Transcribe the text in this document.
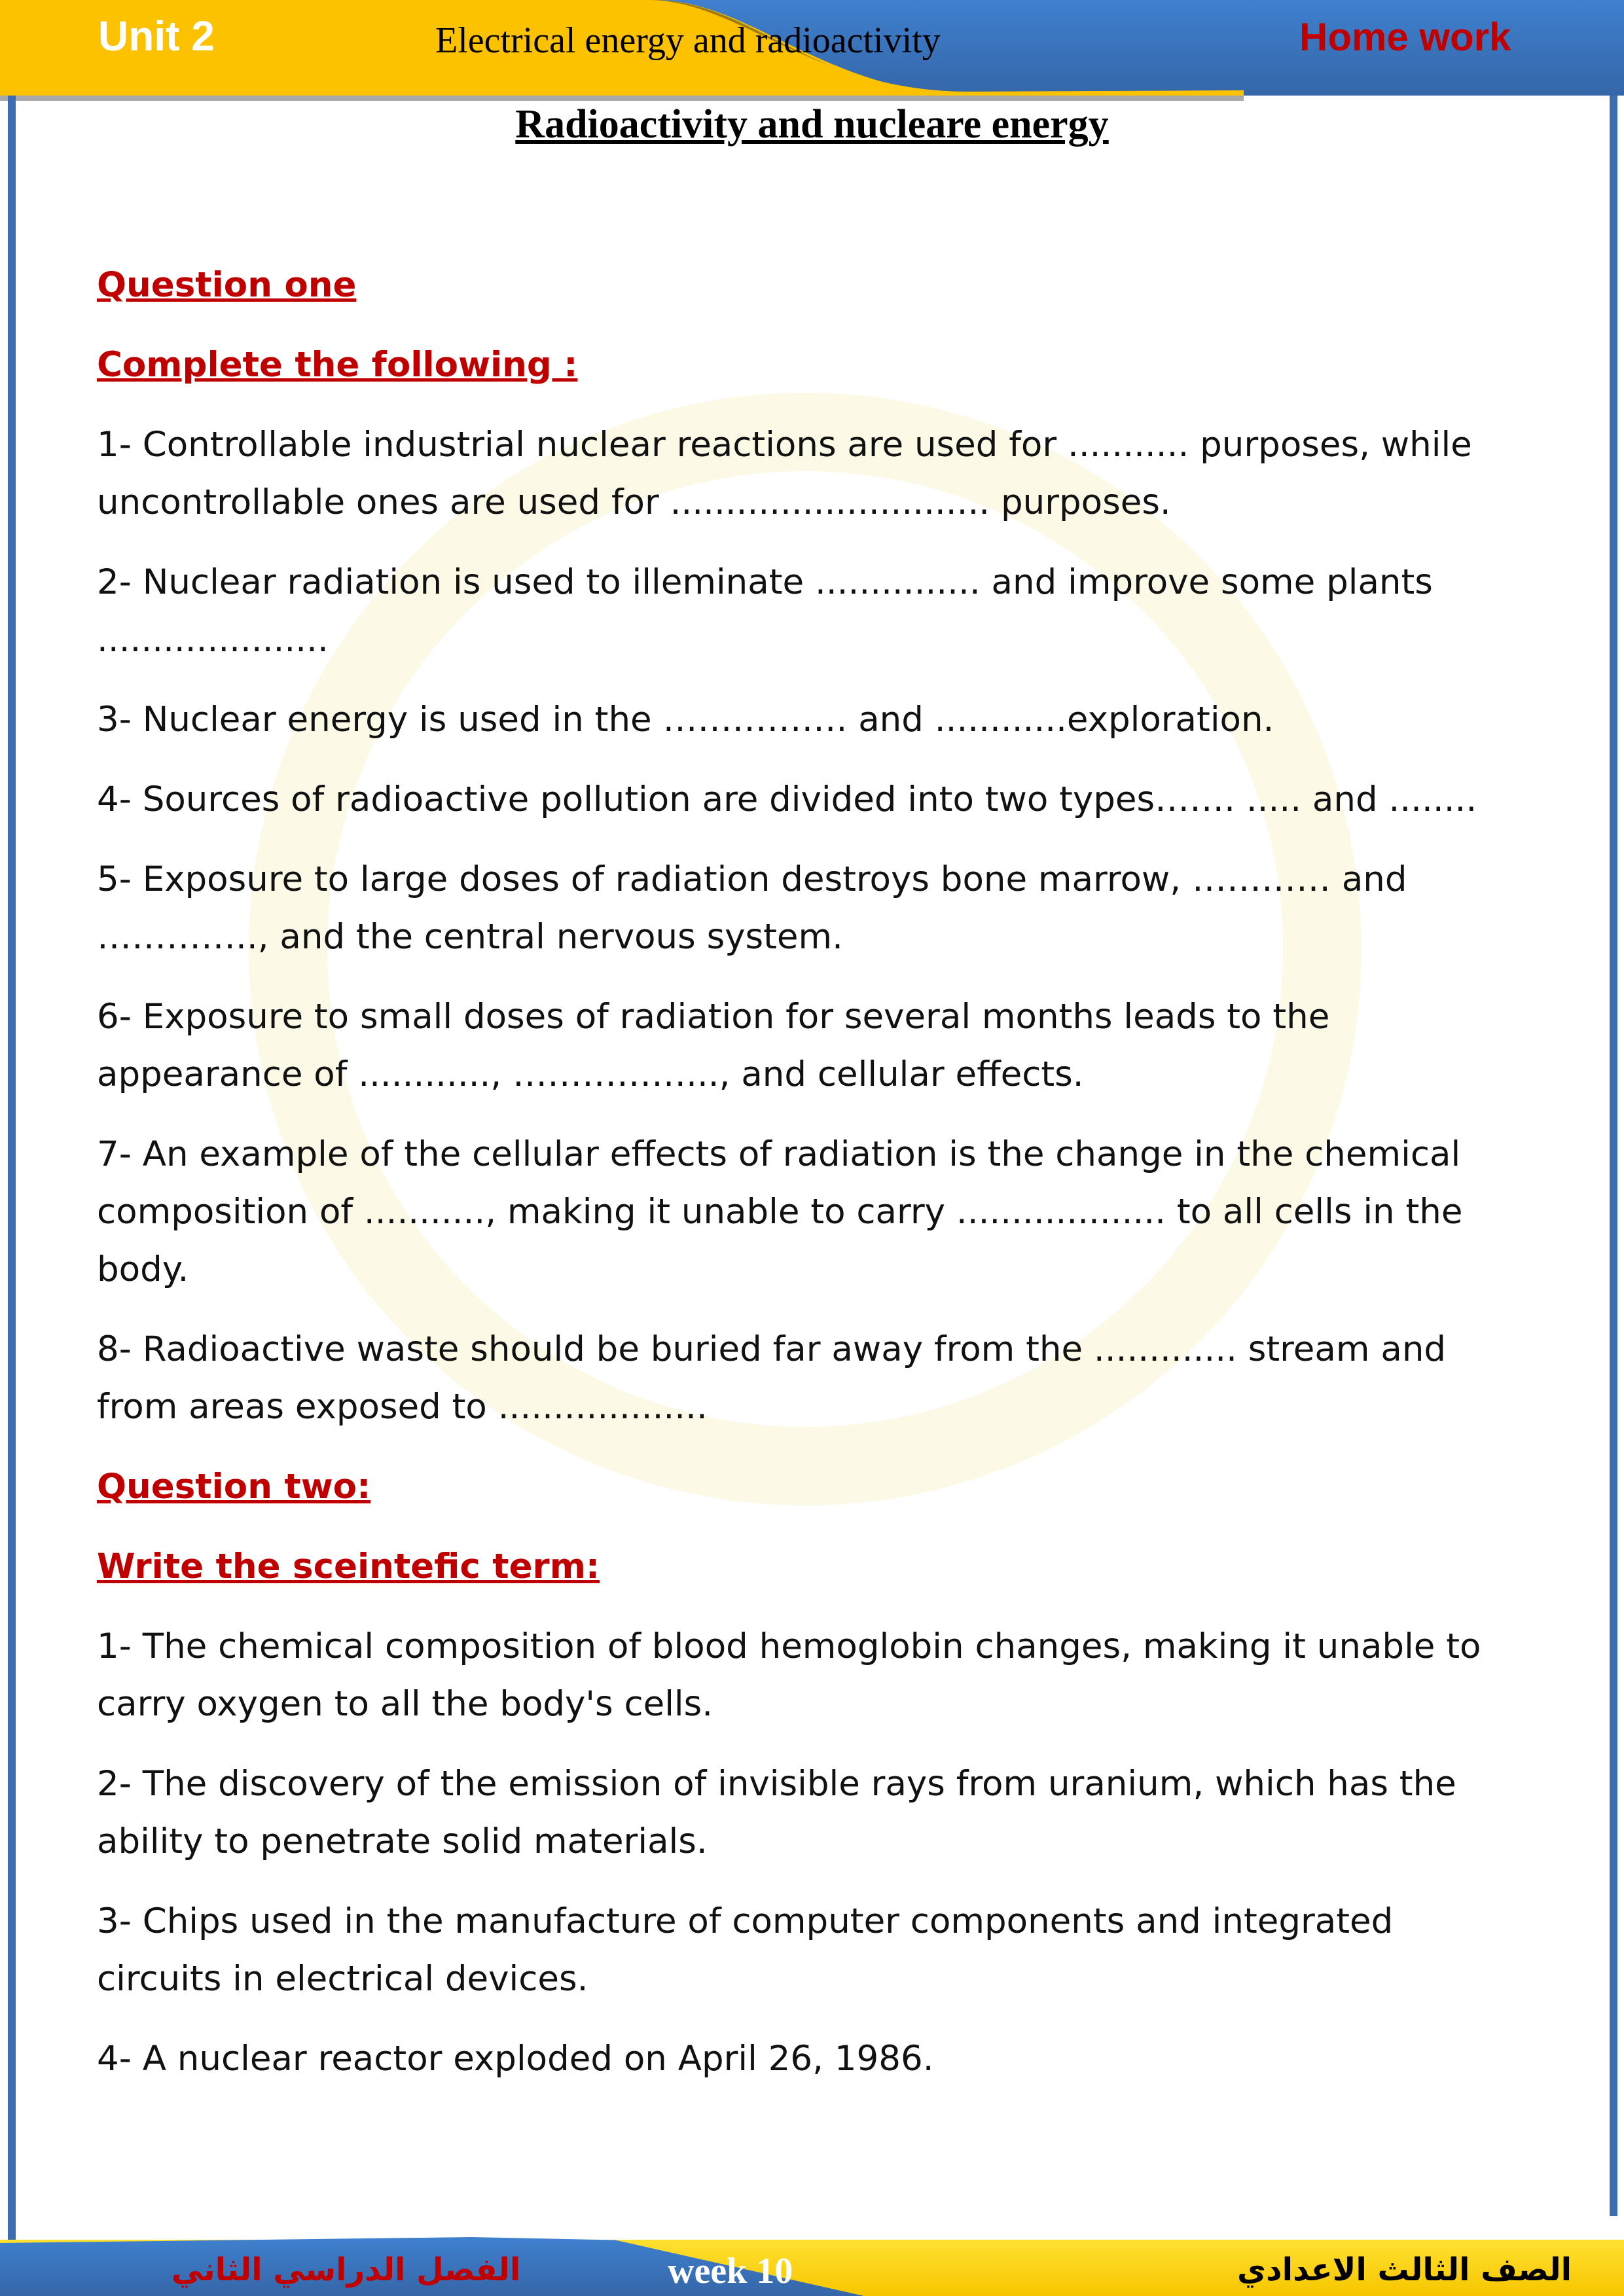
Unit 2	Electrical energy and radioactivity	Home work
Radioactivity and nucleare energy
Question one
Complete the following :
1- Controllable industrial nuclear reactions are used for ........... purposes, while uncontrollable ones are used for ............................. purposes.
2- Nuclear radiation is used to illeminate ............... and improve some plants .....................
3- Nuclear energy is used in the ……………. and ............exploration.
4- Sources of radioactive pollution are divided into two types……. ..... and ........
5- Exposure to large doses of radiation destroys bone marrow, ………… and ………….., and the central nervous system.
6- Exposure to small doses of radiation for several months leads to the appearance of ............, ……………..., and cellular effects.
7- An example of the cellular effects of radiation is the change in the chemical composition of ..........., making it unable to carry ................... to all cells in the body.
8- Radioactive waste should be buried far away from the ............. stream and from areas exposed to ...................
Question two:
Write the sceintefic term:
1- The chemical composition of blood hemoglobin changes, making it unable to carry oxygen to all the body's cells.
2- The discovery of the emission of invisible rays from uranium, which has the ability to penetrate solid materials.
3- Chips used in the manufacture of computer components and integrated circuits in electrical devices.
4- A nuclear reactor exploded on April 26, 1986.
الفصل الدراسي الثاني	week 10	الصف الثالث الاعدادي
